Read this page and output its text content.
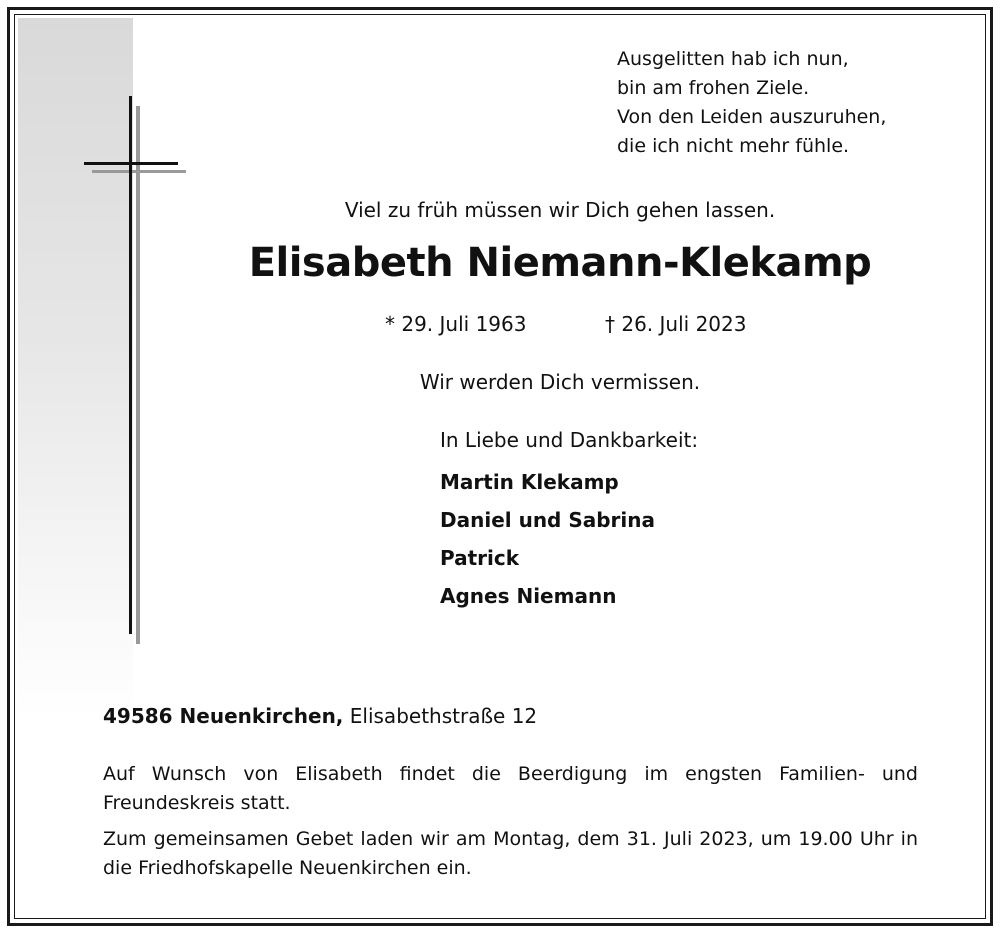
Ausgelitten hab ich nun,
bin am frohen Ziele.
Von den Leiden auszuruhen,
die ich nicht mehr fühle.
Viel zu früh müssen wir Dich gehen lassen.
Elisabeth Niemann-Klekamp
* 29. Juli 1963	† 26. Juli 2023
Wir werden Dich vermissen.
In Liebe und Dankbarkeit:
Martin Klekamp
Daniel und Sabrina
Patrick
Agnes Niemann
49586 Neuenkirchen, Elisabethstraße 12

Auf Wunsch von Elisabeth findet die Beerdigung im engsten Familien- und Freundeskreis statt.

Zum gemeinsamen Gebet laden wir am Montag, dem 31. Juli 2023, um 19.00 Uhr in die Friedhofskapelle Neuenkirchen ein.
